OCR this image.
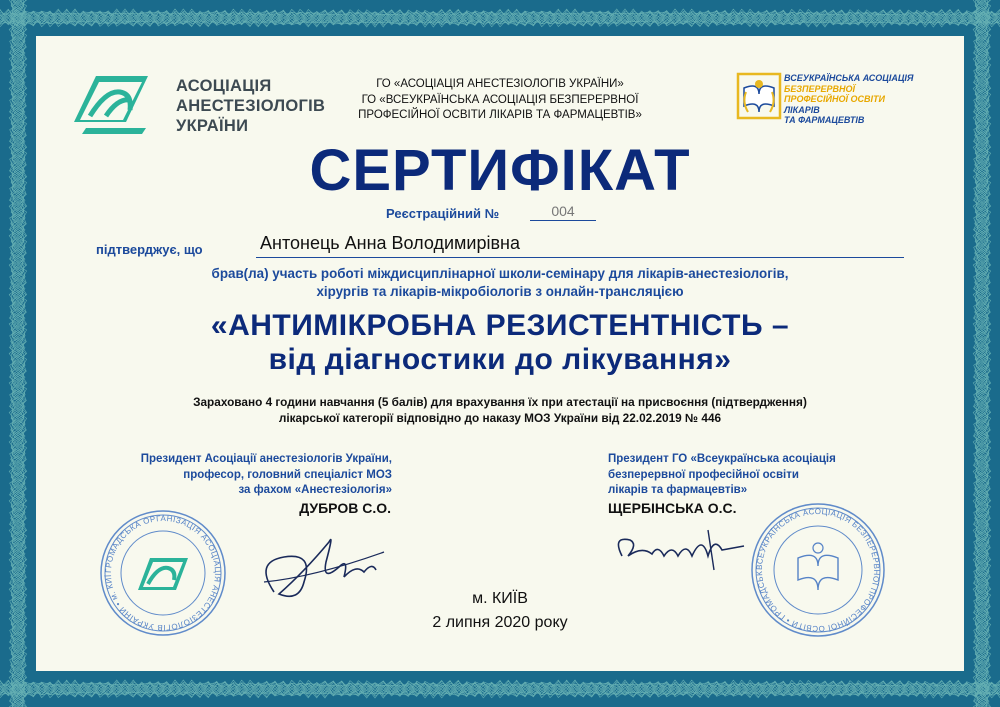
АСОЦІАЦІЯ
АНЕСТЕЗІОЛОГІВ
УКРАЇНИ
ГО «АСОЦІАЦІЯ АНЕСТЕЗІОЛОГІВ УКРАЇНИ»
ГО «ВСЕУКРАЇНСЬКА АСОЦІАЦІЯ БЕЗПЕРЕРВНОЇ
ПРОФЕСІЙНОЇ ОСВІТИ ЛІКАРІВ ТА ФАРМАЦЕВТІВ»
ВСЕУКРАЇНСЬКА АСОЦІАЦІЯ
БЕЗПЕРЕРВНОЇ
ПРОФЕСІЙНОЇ ОСВІТИ
ЛІКАРІВ
ТА ФАРМАЦЕВТІВ
СЕРТИФІКАТ
Реєстраційний №	004
підтверджує, що	Антонець Анна Володимирівна
брав(ла) участь роботі міждисциплінарної школи-семінару для лікарів-анестезіологів,
хірургів та лікарів-мікробіологів з онлайн-трансляцією
«АНТИМІКРОБНА РЕЗИСТЕНТНІСТЬ –
від діагностики до лікування»
Зараховано 4 години навчання (5 балів) для врахування їх при атестації на присвоєння (підтвердження)
лікарської категорії відповідно до наказу МОЗ України від 22.02.2019 № 446
Президент Асоціації анестезіологів України,
професор, головний спеціаліст МОЗ
за фахом «Анестезіологія»
ДУБРОВ С.О.
Президент ГО «Всеукраїнська асоціація
безперервної професійної освіти
лікарів та фармацевтів»
ЩЕРБІНСЬКА О.С.
ГРОМАДСЬКА ОРГАНІЗАЦІЯ АСОЦІАЦІЯ АНЕСТЕЗІОЛОГІВ УКРАЇНИ • м. КИЇ
ВСЕУКРАЇНСЬКА АСОЦІАЦІЯ БЕЗПЕРЕРВНОЇ ПРОФЕСІЙНОЇ ОСВІТИ • ГРОМАДСЬК
м. КИЇВ
2 липня 2020 року
